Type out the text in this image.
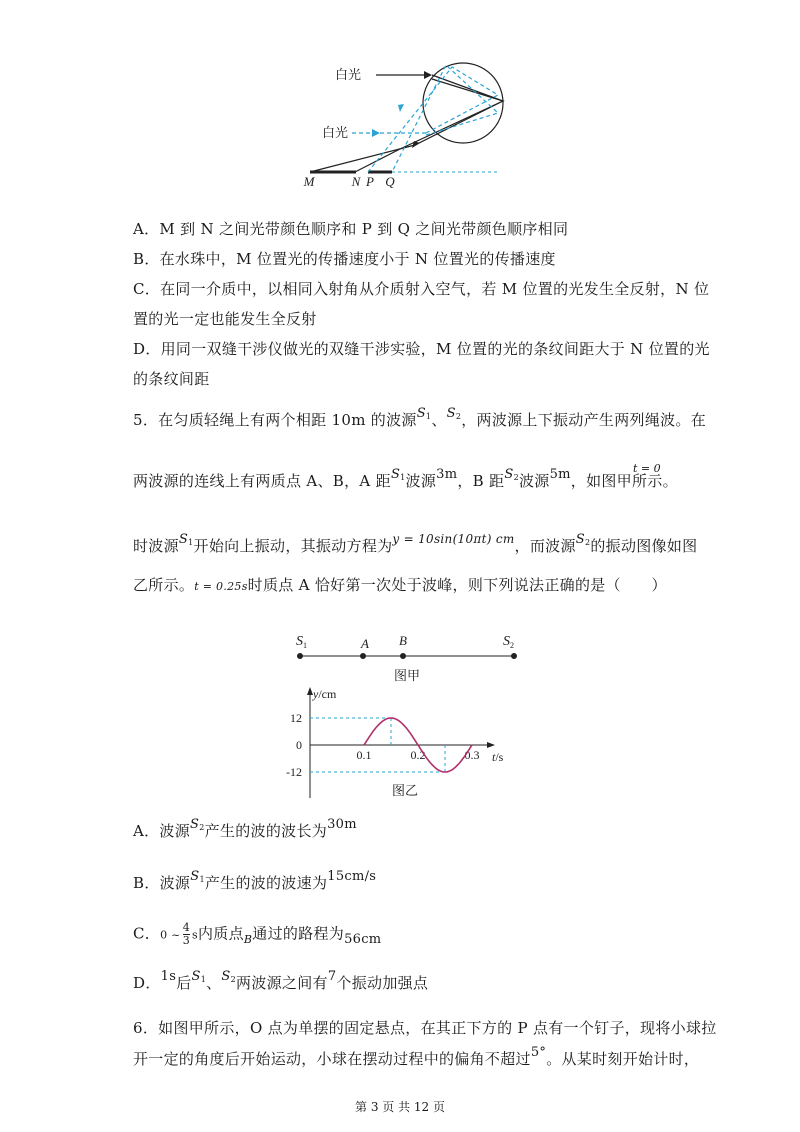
白光
白光
M	N P Q
A．M 到 N 之间光带颜色顺序和 P 到 Q 之间光带颜色顺序相同
B．在水珠中，M 位置光的传播速度小于 N 位置光的传播速度
C．在同一介质中，以相同入射角从介质射入空气，若 M 位置的光发生全反射，N 位
置的光一定也能发生全反射
D．用同一双缝干涉仪做光的双缝干涉实验，M 位置的光的条纹间距大于 N 位置的光
的条纹间距
5．在匀质轻绳上有两个相距 10m 的波源$S_1$、$S_2$，两波源上下振动产生两列绳波。在
两波源的连线上有两质点 A、B，A 距$S_1$波源3m，B 距$S_2$波源5m，如图甲所示。
t = 0
时波源$S_1$开始向上振动，其振动方程为$^{y = 10sin(10\pi t) cm}$，而波源$S_2$的振动图像如图
乙所示。t = 0.25s时质点 A 恰好第一次处于波峰，则下列说法正确的是（　　）
$S_1$	A B	$S_2$
图甲
y/cm
t/s
12
0
-12
0.1	0.2	0.3
图乙
A．波源$S_2$产生的波的波长为30m
B．波源$S_1$产生的波的波速为15cm/s
C．0 ~ $\frac{4}{3}$ s内质点$_B$通过的路程为56cm
D．1s后$S_1$、$S_2$两波源之间有7个振动加强点
6．如图甲所示，O 点为单摆的固定悬点，在其正下方的 P 点有一个钉子，现将小球拉
开一定的角度后开始运动，小球在摆动过程中的偏角不超过5°。从某时刻开始计时，
第 3 页 共 12 页
